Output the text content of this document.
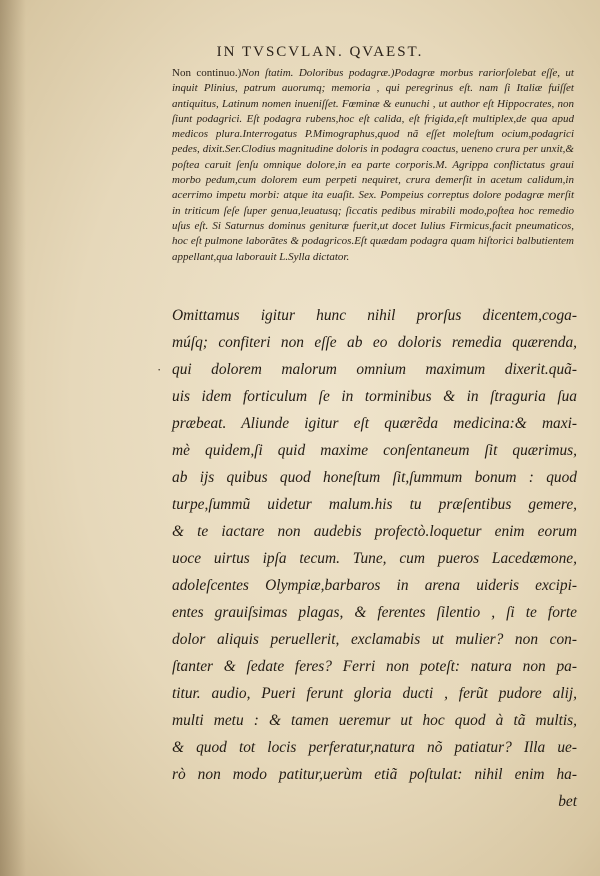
IN TVSCVLAN. QVAEST.

Non continuo.)Non ſtatim. Doloribus podagræ.)Podagræ morbus rariorſolebat eſſe, ut inquit Plinius, patrum auorumq; memoria , qui peregrinus eſt. nam ſi Italiæ fuiſſet antiquitus, Latinum nomen inueniſſet. Fœminæ & eunuchi , ut author eſt Hippocrates, non ſiunt podagrici. Eſt podagra rubens,hoc eſt calida, eſt frigida,eſt multiplex,de qua apud medicos plura.Interrogatus P.Mimographus,quod nã eſſet moleſtum ocium,podagrici pedes, dixit.Ser.Clodius magnitudine doloris in podagra coactus, ueneno crura per unxit,& poſtea caruit ſenſu omnique dolore,in ea parte corporis.M. Agrippa conflictatus graui morbo pedum,cum dolorem eum perpeti nequiret, crura demerſit in acetum calidum,in acerrimo impetu morbi: atque ita euaſit. Sex. Pompeius correptus dolore podagræ merſit in triticum ſeſe ſuper genua,leuatusq; ſiccatis pedibus mirabili modo,poſtea hoc remedio uſus eſt. Si Saturnus dominus genituræ fuerit,ut docet Iulius Firmicus,facit pneumaticos, hoc eſt pulmone laborãtes & podagricos.Eſt quædam podagra quam hiſtorici balbutientem appellant,qua laborauit L.Sylla dictator.

·
Omittamus igitur hunc nihil prorſus dicentem,coga-
múſq; confiteri non eſſe ab eo doloris remedia quærenda,
qui dolorem malorum omnium maximum dixerit.quã-
uis idem forticulum ſe in torminibus & in ſtraguria ſua
præbeat. Aliunde igitur eſt quærẽda medicina:& maxi-
mè quidem,ſi quid maxime conſentaneum ſit quærimus,
ab ijs quibus quod honeſtum ſit,ſummum bonum : quod
turpe,ſummũ uidetur malum.his tu præſentibus gemere,
& te iactare non audebis profectò.loquetur enim eorum
uoce uirtus ipſa tecum. Tune, cum pueros Lacedæmone,
adoleſcentes Olympiæ,barbaros in arena uideris excipi-
entes grauiſsimas plagas, & ferentes ſilentio , ſi te forte
dolor aliquis peruellerit, exclamabis ut mulier? non con-
ſtanter & ſedate feres? Ferri non poteſt: natura non pa-
titur. audio, Pueri ferunt gloria ducti , ferũt pudore alij,
multi metu : & tamen ueremur ut hoc quod à tã multis,
& quod tot locis perferatur,natura nõ patiatur? Illa ue-
rò non modo patitur,uerùm etiã poſtulat: nihil enim ha-
bet
